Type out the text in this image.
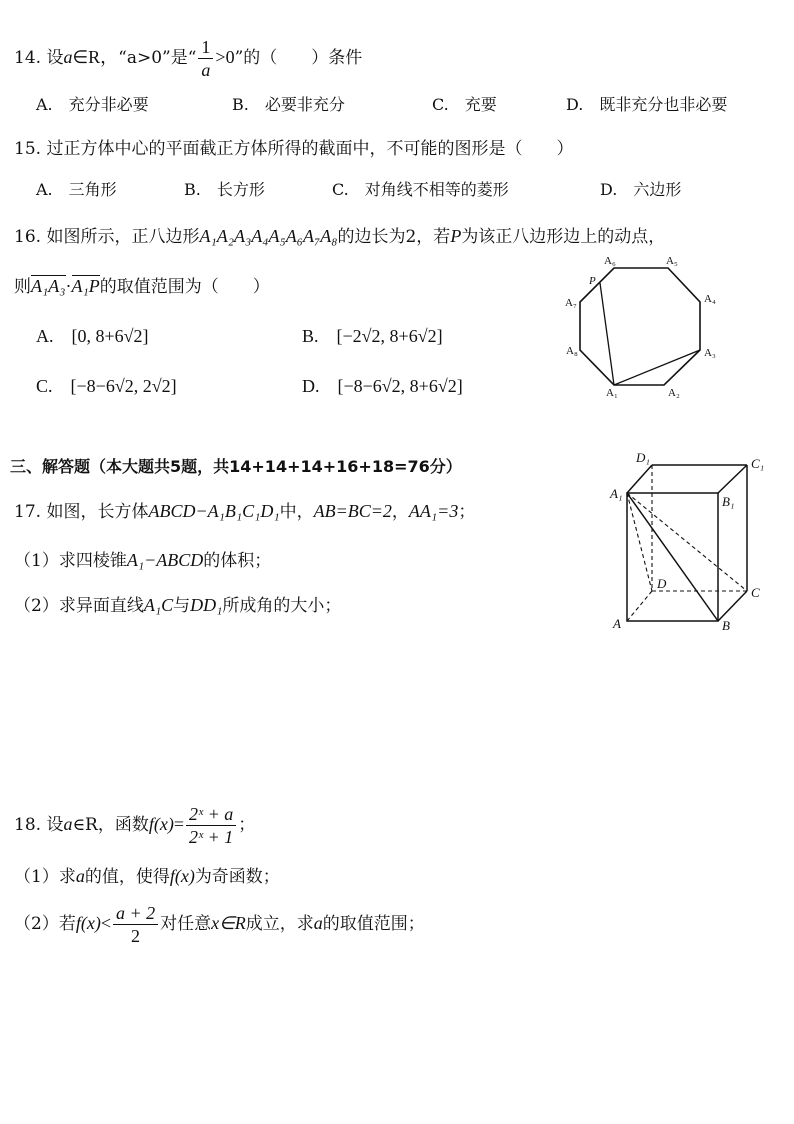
14. 设a∈R，“a>0”是“ $\frac{1}{a} >0$”的（　　）条件
A.　 充分非必要	B.　 必要非充分	C.　 充要	D.　 既非充分也非必要
15. 过正方体中心的平面截正方体所得的截面中，不可能的图形是（　　）
A.　 三角形	B.　 长方形	C.　 对角线不相等的菱形	D.　 六边形
16. 如图所示，正八边形A₁A₂A₃A₄A₅A₆A₇A₈的边长为2，若P为该正八边形边上的动点，
则A₁A₃·A₁P的取值范围为（　　）
A.　 [0, 8+6√2]	B.　 [−2√2, 8+6√2]
C.　 [−8−6√2, 2√2]	D.　 [−8−6√2, 8+6√2]	A₁	A₂
A₃
A₄
A₅
A₆
A₇
A₈
P
三、解答题（本大题共5题，共14+14+14+16+18=76分）
17. 如图，长方体ABCD−A₁B₁C₁D₁中，AB=BC=2，AA₁=3；
（1）求四棱锥A₁−ABCD的体积；
（2）求异面直线A₁C与DD₁所成角的大小；
A	B
C
D
A₁
B₁
C₁
D₁
18. 设a∈R，函数$f(x)= \frac{\text{2ˣ + a}}{\text{2ˣ + 1}}$ ；
（1）求a的值，使得f(x)为奇函数；
（2）若$f(x)< \frac{a + 2}{2}$ 对任意x∈R成立，求a的取值范围；
